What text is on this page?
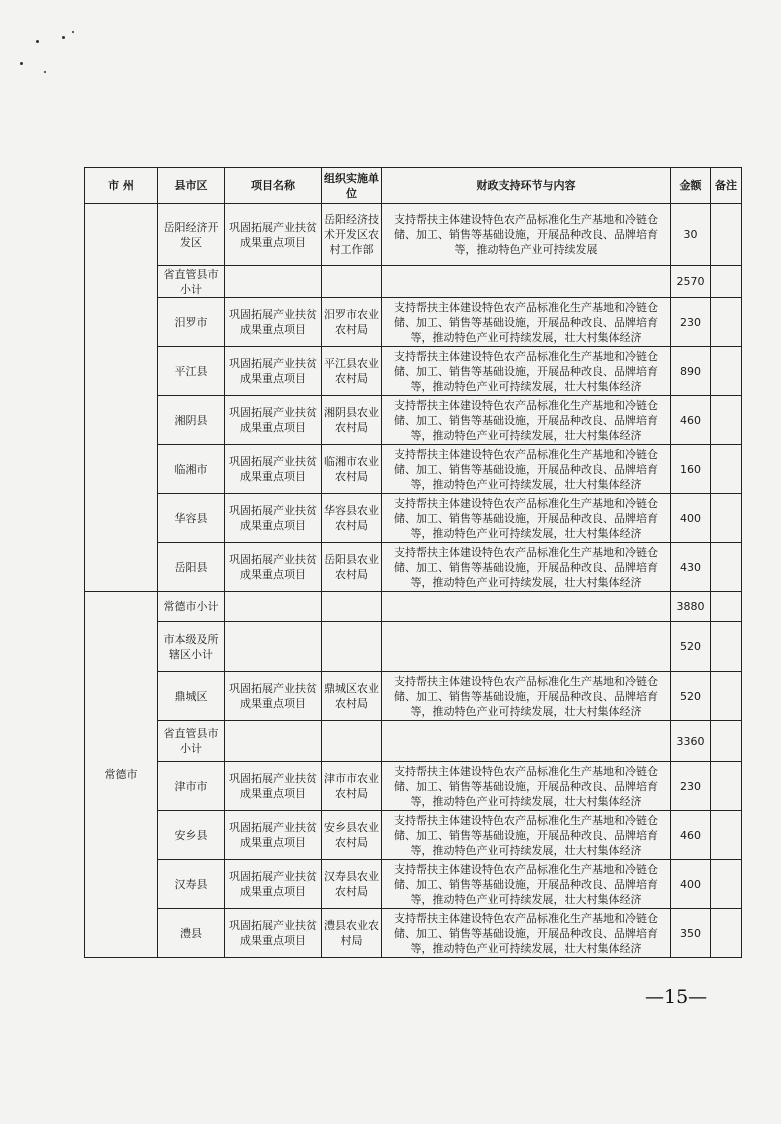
市 州	县市区	项目名称	组织实施单位	财政支持环节与内容	金额	备注
	岳阳经济开发区	巩固拓展产业扶贫成果重点项目	岳阳经济技术开发区农村工作部	支持帮扶主体建设特色农产品标准化生产基地和冷链仓储、加工、销售等基础设施，开展品种改良、品牌培育等，推动特色产业可持续发展	30	
	省直管县市小计				2570	
	汨罗市	巩固拓展产业扶贫成果重点项目	汨罗市农业农村局	支持帮扶主体建设特色农产品标准化生产基地和冷链仓储、加工、销售等基础设施，开展品种改良、品牌培育等，推动特色产业可持续发展，壮大村集体经济	230	
	平江县	巩固拓展产业扶贫成果重点项目	平江县农业农村局	支持帮扶主体建设特色农产品标准化生产基地和冷链仓储、加工、销售等基础设施，开展品种改良、品牌培育等，推动特色产业可持续发展，壮大村集体经济	890	
	湘阴县	巩固拓展产业扶贫成果重点项目	湘阴县农业农村局	支持帮扶主体建设特色农产品标准化生产基地和冷链仓储、加工、销售等基础设施，开展品种改良、品牌培育等，推动特色产业可持续发展，壮大村集体经济	460	
	临湘市	巩固拓展产业扶贫成果重点项目	临湘市农业农村局	支持帮扶主体建设特色农产品标准化生产基地和冷链仓储、加工、销售等基础设施，开展品种改良、品牌培育等，推动特色产业可持续发展，壮大村集体经济	160	
	华容县	巩固拓展产业扶贫成果重点项目	华容县农业农村局	支持帮扶主体建设特色农产品标准化生产基地和冷链仓储、加工、销售等基础设施，开展品种改良、品牌培育等，推动特色产业可持续发展，壮大村集体经济	400	
	岳阳县	巩固拓展产业扶贫成果重点项目	岳阳县农业农村局	支持帮扶主体建设特色农产品标准化生产基地和冷链仓储、加工、销售等基础设施，开展品种改良、品牌培育等，推动特色产业可持续发展，壮大村集体经济	430	
常德市	常德市小计				3880	
	市本级及所辖区小计				520	
	鼎城区	巩固拓展产业扶贫成果重点项目	鼎城区农业农村局	支持帮扶主体建设特色农产品标准化生产基地和冷链仓储、加工、销售等基础设施，开展品种改良、品牌培育等，推动特色产业可持续发展，壮大村集体经济	520	
	省直管县市小计				3360	
	津市市	巩固拓展产业扶贫成果重点项目	津市市农业农村局	支持帮扶主体建设特色农产品标准化生产基地和冷链仓储、加工、销售等基础设施，开展品种改良、品牌培育等，推动特色产业可持续发展，壮大村集体经济	230	
	安乡县	巩固拓展产业扶贫成果重点项目	安乡县农业农村局	支持帮扶主体建设特色农产品标准化生产基地和冷链仓储、加工、销售等基础设施，开展品种改良、品牌培育等，推动特色产业可持续发展，壮大村集体经济	460	
	汉寿县	巩固拓展产业扶贫成果重点项目	汉寿县农业农村局	支持帮扶主体建设特色农产品标准化生产基地和冷链仓储、加工、销售等基础设施，开展品种改良、品牌培育等，推动特色产业可持续发展，壮大村集体经济	400	
	澧县	巩固拓展产业扶贫成果重点项目	澧县农业农村局	支持帮扶主体建设特色农产品标准化生产基地和冷链仓储、加工、销售等基础设施，开展品种改良、品牌培育等，推动特色产业可持续发展，壮大村集体经济	350	
—15—
